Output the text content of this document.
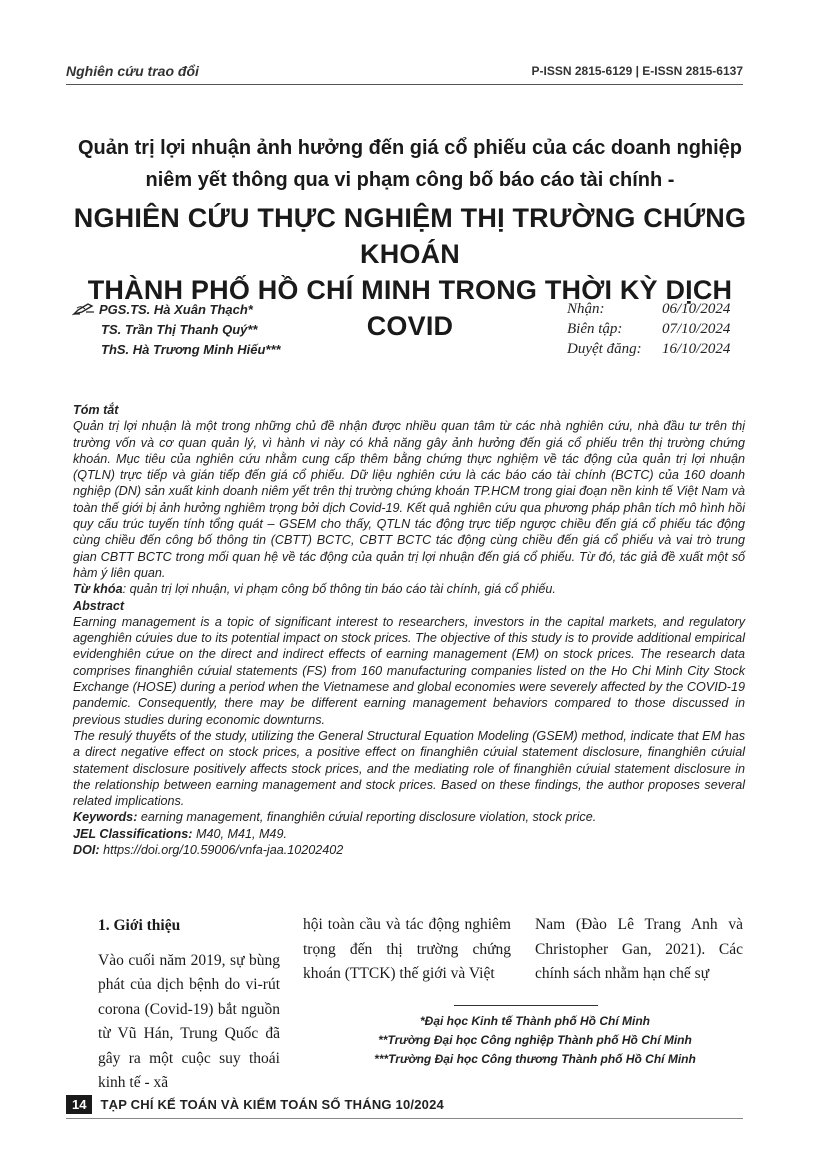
Nghiên cứu trao đổi	P-ISSN 2815-6129 | E-ISSN 2815-6137
Quản trị lợi nhuận ảnh hưởng đến giá cổ phiếu của các doanh nghiệp
niêm yết thông qua vi phạm công bố báo cáo tài chính -
NGHIÊN CỨU THỰC NGHIỆM THỊ TRƯỜNG CHỨNG KHOÁN
THÀNH PHỐ HỒ CHÍ MINH TRONG THỜI KỲ DỊCH COVID
PGS.TS. Hà Xuân Thạch*
TS. Trần Thị Thanh Quý**
ThS. Hà Trương Minh Hiếu***
Nhận:	06/10/2024
Biên tập:	07/10/2024
Duyệt đăng:	16/10/2024
Tóm tắt

Quản trị lợi nhuận là một trong những chủ đề nhận được nhiều quan tâm từ các nhà nghiên cứu, nhà đầu tư trên thị trường vốn và cơ quan quản lý, vì hành vi này có khả năng gây ảnh hưởng đến giá cổ phiếu trên thị trường chứng khoán. Mục tiêu của nghiên cứu nhằm cung cấp thêm bằng chứng thực nghiệm về tác động của quản trị lợi nhuận (QTLN) trực tiếp và gián tiếp đến giá cổ phiếu. Dữ liệu nghiên cứu là các báo cáo tài chính (BCTC) của 160 doanh nghiệp (DN) sản xuất kinh doanh niêm yết trên thị trường chứng khoán TP.HCM trong giai đoạn nền kinh tế Việt Nam và toàn thế giới bị ảnh hưởng nghiêm trọng bởi dịch Covid-19. Kết quả nghiên cứu qua phương pháp phân tích mô hình hồi quy cấu trúc tuyến tính tổng quát – GSEM cho thấy, QTLN tác động trực tiếp ngược chiều đến giá cổ phiếu tác động cùng chiều đến công bố thông tin (CBTT) BCTC, CBTT BCTC tác động cùng chiều đến giá cổ phiếu và vai trò trung gian CBTT BCTC trong mối quan hệ về tác động của quản trị lợi nhuận đến giá cổ phiếu. Từ đó, tác giả đề xuất một số hàm ý liên quan.

Từ khóa: quản trị lợi nhuận, vi phạm công bố thông tin báo cáo tài chính, giá cổ phiếu.

Abstract

Earning management is a topic of significant interest to researchers, investors in the capital markets, and regulatory agenghiên cứuies due to its potential impact on stock prices. The objective of this study is to provide additional empirical evidenghiên cứue on the direct and indirect effects of earning management (EM) on stock prices. The research data comprises finanghiên cứuial statements (FS) from 160 manufacturing companies listed on the Ho Chi Minh City Stock Exchange (HOSE) during a period when the Vietnamese and global economies were severely affected by the COVID-19 pandemic. Consequently, there may be different earning management behaviors compared to those discussed in previous studies during economic downturns.

The resulý thuyếts of the study, utilizing the General Structural Equation Modeling (GSEM) method, indicate that EM has a direct negative effect on stock prices, a positive effect on finanghiên cứuial statement disclosure, finanghiên cứuial statement disclosure positively affects stock prices, and the mediating role of finanghiên cứuial statement disclosure in the relationship between earning management and stock prices. Based on these findings, the author proposes several related implications.

Keywords: earning management, finanghiên cứuial reporting disclosure violation, stock price.

JEL Classifications: M40, M41, M49.

DOI: https://doi.org/10.59006/vnfa-jaa.10202402

1. Giới thiệu

Vào cuối năm 2019, sự bùng phát của dịch bệnh do vi-rút corona (Covid-19) bắt nguồn từ Vũ Hán, Trung Quốc đã gây ra một cuộc suy thoái kinh tế - xã

hội toàn cầu và tác động nghiêm trọng đến thị trường chứng khoán (TTCK) thế giới và Việt

Nam (Đào Lê Trang Anh và Christopher Gan, 2021). Các chính sách nhằm hạn chế sự

*Đại học Kinh tế Thành phố Hồ Chí Minh
**Trường Đại học Công nghiệp Thành phố Hồ Chí Minh
***Trường Đại học Công thương Thành phố Hồ Chí Minh
14	TẠP CHÍ KẾ TOÁN VÀ KIỂM TOÁN SỐ THÁNG 10/2024
